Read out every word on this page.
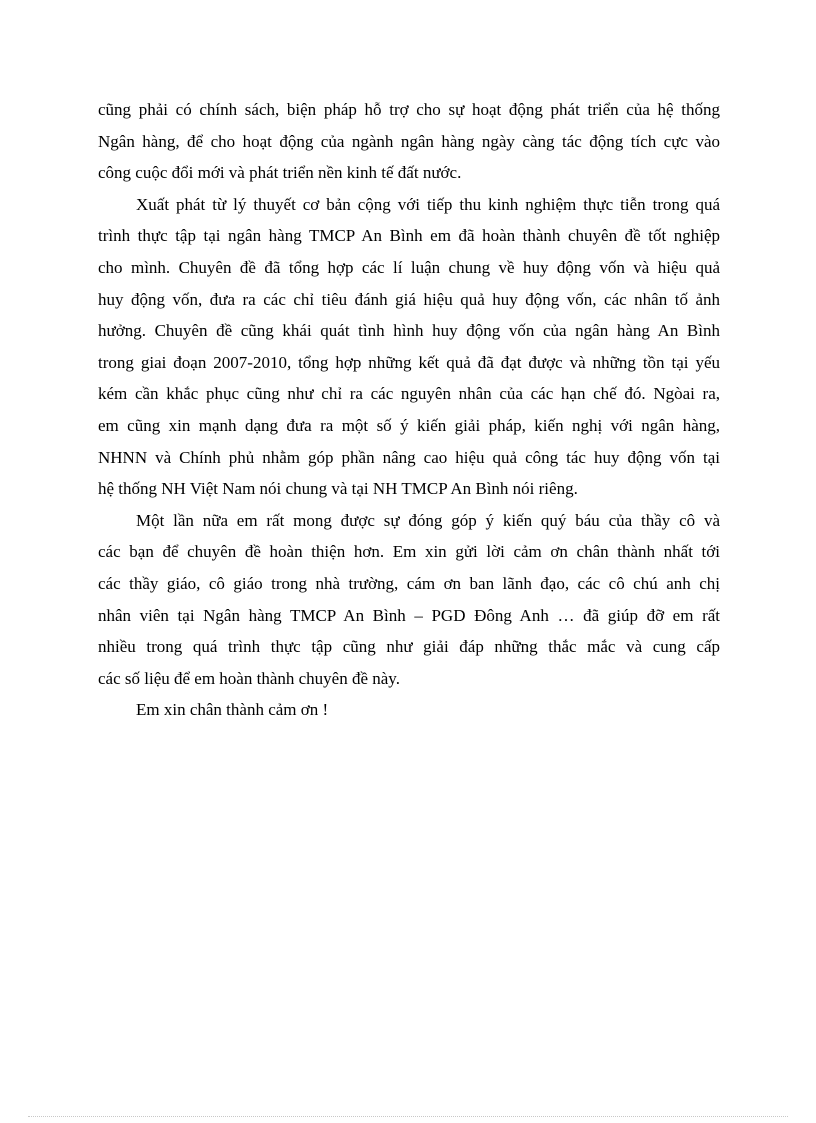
cũng phải có chính sách, biện pháp hỗ trợ cho sự hoạt động phát triển của hệ thống
Ngân hàng, để cho hoạt động của ngành ngân hàng ngày càng tác động tích cực vào
công cuộc đổi mới và phát triển nền kinh tế đất nước.
Xuất phát từ lý thuyết cơ bản cộng với tiếp thu kinh nghiệm thực tiễn trong quá
trình thực tập tại ngân hàng TMCP An Bình em đã hoàn thành chuyên đề tốt nghiệp
cho mình. Chuyên đề đã tổng hợp các lí luận chung về huy động vốn và hiệu quả
huy động vốn, đưa ra các chỉ tiêu đánh giá hiệu quả huy động vốn, các nhân tố ảnh
hưởng. Chuyên đề cũng khái quát tình hình huy động vốn của ngân hàng An Bình
trong giai đoạn 2007-2010, tổng hợp những kết quả đã đạt được và những tồn tại yếu
kém cần khắc phục cũng như chỉ ra các nguyên nhân của các hạn chế đó. Ngòai ra,
em cũng xin mạnh dạng đưa ra một số ý kiến giải pháp, kiến nghị với ngân hàng,
NHNN và Chính phủ nhằm góp phần nâng cao hiệu quả công tác huy động vốn tại
hệ thống NH Việt Nam nói chung và tại NH TMCP An Bình nói riêng.
Một lần nữa em rất mong được sự đóng góp ý kiến quý báu của thầy cô và
các bạn để chuyên đề hoàn thiện hơn. Em xin gửi lời cảm ơn chân thành nhất tới
các thầy giáo, cô giáo trong nhà trường, cám ơn ban lãnh đạo, các cô chú anh chị
nhân viên tại Ngân hàng TMCP An Bình – PGD Đông Anh … đã giúp đỡ em rất
nhiều trong quá trình thực tập cũng như giải đáp những thắc mắc và cung cấp
các số liệu để em hoàn thành chuyên đề này.
Em xin chân thành cảm ơn !
